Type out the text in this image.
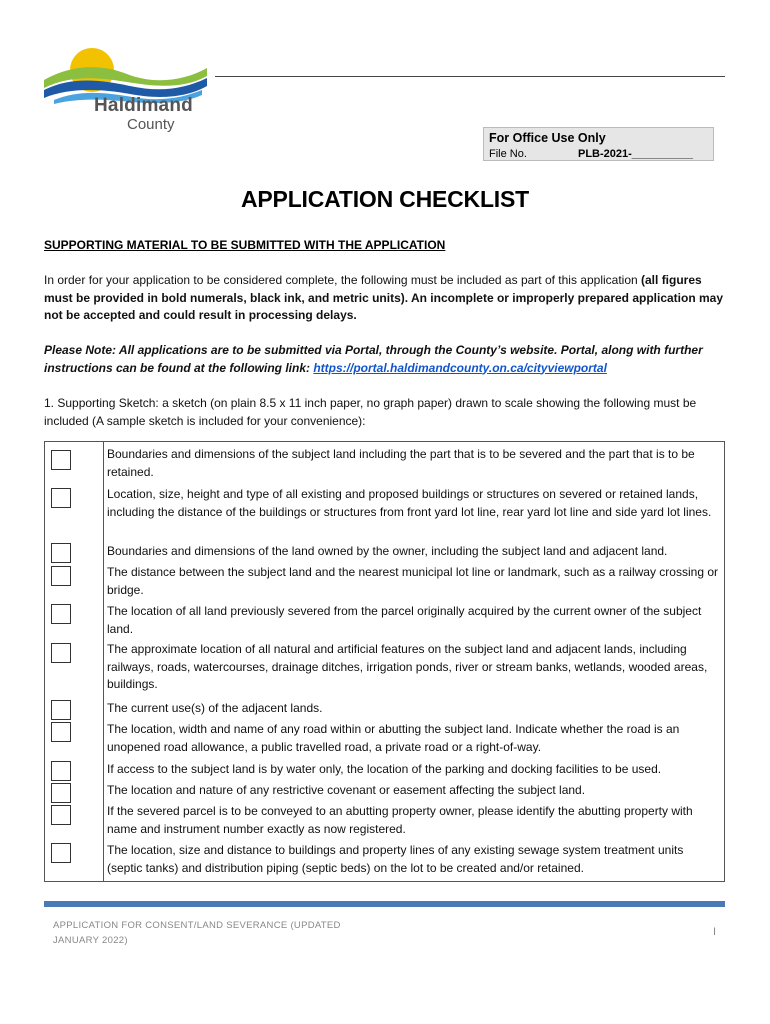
Haldimand
County
For Office Use Only
File No.	PLB-2021-__________
APPLICATION CHECKLIST
SUPPORTING MATERIAL TO BE SUBMITTED WITH THE APPLICATION
In order for your application to be considered complete, the following must be included as part of this application (all figures must be provided in bold numerals, black ink, and metric units). An incomplete or improperly prepared application may not be accepted and could result in processing delays.
Please Note: All applications are to be submitted via Portal, through the County’s website. Portal, along with further instructions can be found at the following link: https://portal.haldimandcounty.on.ca/cityviewportal
1. Supporting Sketch: a sketch (on plain 8.5 x 11 inch paper, no graph paper) drawn to scale showing the following must be included (A sample sketch is included for your convenience):
Boundaries and dimensions of the subject land including the part that is to be severed and the part that is to be retained.
Location, size, height and type of all existing and proposed buildings or structures on severed or retained lands, including the distance of the buildings or structures from front yard lot line, rear yard lot line and side yard lot lines.
Boundaries and dimensions of the land owned by the owner, including the subject land and adjacent land.
The distance between the subject land and the nearest municipal lot line or landmark, such as a railway crossing or bridge.
The location of all land previously severed from the parcel originally acquired by the current owner of the subject land.
The approximate location of all natural and artificial features on the subject land and adjacent lands, including railways, roads, watercourses, drainage ditches, irrigation ponds, river or stream banks, wetlands, wooded areas, buildings.
The current use(s) of the adjacent lands.
The location, width and name of any road within or abutting the subject land. Indicate whether the road is an unopened road allowance, a public travelled road, a private road or a right-of-way.
If access to the subject land is by water only, the location of the parking and docking facilities to be used.
The location and nature of any restrictive covenant or easement affecting the subject land.
If the severed parcel is to be conveyed to an abutting property owner, please identify the abutting property with name and instrument number exactly as now registered.
The location, size and distance to buildings and property lines of any existing sewage system treatment units (septic tanks) and distribution piping (septic beds) on the lot to be created and/or retained.
APPLICATION FOR CONSENT/LAND SEVERANCE (UPDATED JANUARY 2022)
I
